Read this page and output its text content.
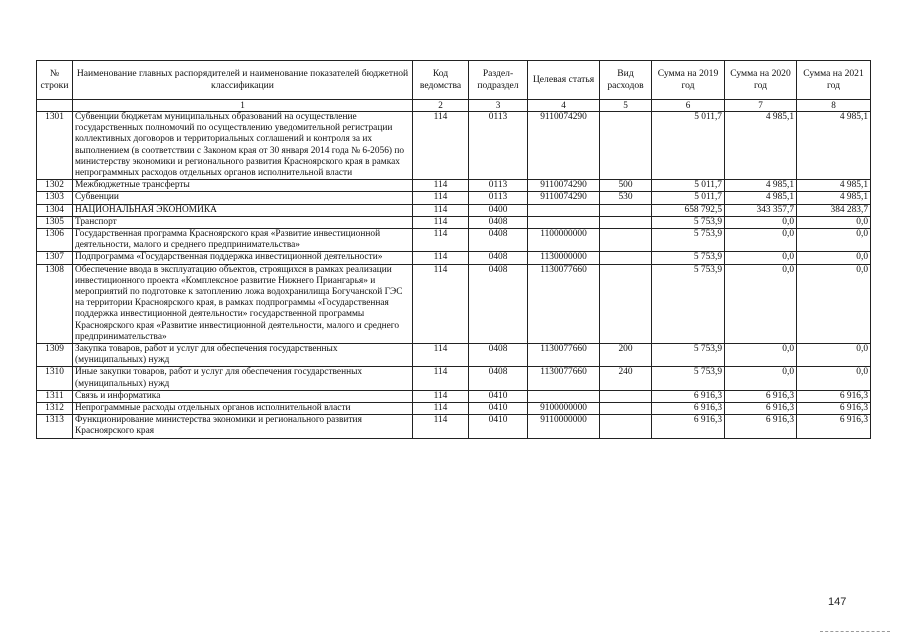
№ строки	Наименование главных распорядителей и наименование показателей бюджетной классификации	Код ведомства	Раздел-подраздел	Целевая статья	Вид расходов	Сумма на 2019 год	Сумма на 2020 год	Сумма на 2021 год
	1	2	3	4	5	6	7	8
1301	Субвенции бюджетам муниципальных образований на осуществление государственных полномочий по осуществлению уведомительной регистрации коллективных договоров и территориальных соглашений и контроля за их выполнением (в соответствии с Законом края от 30 января 2014 года № 6-2056) по министерству экономики и регионального развития Красноярского края в рамках непрограммных расходов отдельных органов исполнительной власти	114	0113	9110074290		5 011,7	4 985,1	4 985,1
1302	Межбюджетные трансферты	114	0113	9110074290	500	5 011,7	4 985,1	4 985,1
1303	Субвенции	114	0113	9110074290	530	5 011,7	4 985,1	4 985,1
1304	НАЦИОНАЛЬНАЯ ЭКОНОМИКА	114	0400			658 792,5	343 357,7	384 283,7
1305	Транспорт	114	0408			5 753,9	0,0	0,0
1306	Государственная программа Красноярского края «Развитие инвестиционной деятельности, малого и среднего предпринимательства»	114	0408	1100000000		5 753,9	0,0	0,0
1307	Подпрограмма «Государственная поддержка инвестиционной деятельности»	114	0408	1130000000		5 753,9	0,0	0,0
1308	Обеспечение ввода в эксплуатацию объектов, строящихся в рамках реализации инвестиционного проекта «Комплексное развитие Нижнего Приангарья» и мероприятий по подготовке к затоплению ложа водохранилища Богучанской ГЭС на территории Красноярского края, в рамках подпрограммы «Государственная поддержка инвестиционной деятельности» государственной программы Красноярского края «Развитие инвестиционной деятельности, малого и среднего предпринимательства»	114	0408	1130077660		5 753,9	0,0	0,0
1309	Закупка товаров, работ и услуг для обеспечения государственных (муниципальных) нужд	114	0408	1130077660	200	5 753,9	0,0	0,0
1310	Иные закупки товаров, работ и услуг для обеспечения государственных (муниципальных) нужд	114	0408	1130077660	240	5 753,9	0,0	0,0
1311	Связь и информатика	114	0410			6 916,3	6 916,3	6 916,3
1312	Непрограммные расходы отдельных органов исполнительной власти	114	0410	9100000000		6 916,3	6 916,3	6 916,3
1313	Функционирование министерства экономики и регионального развития Красноярского края	114	0410	9110000000		6 916,3	6 916,3	6 916,3
147
